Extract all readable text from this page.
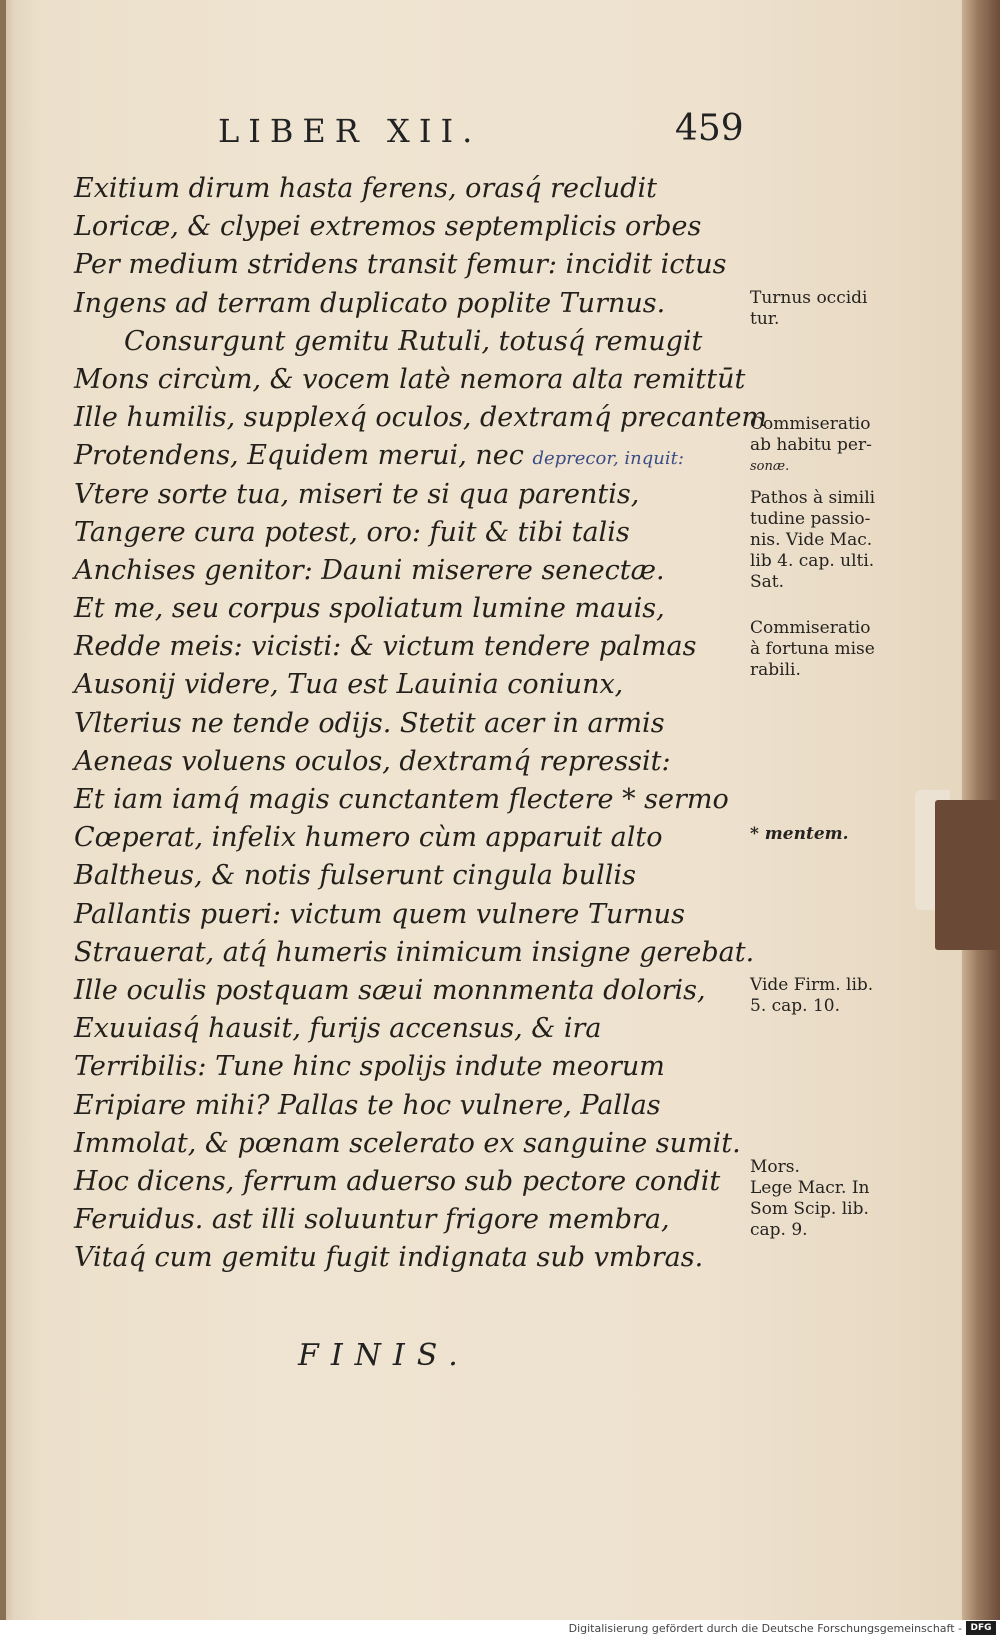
LIBER XII.	459
Exitium dirum hasta ferens, orasq́ recludit
Loricæ, & clypei extremos septemplicis orbes
Per medium stridens transit femur: incidit ictus
Ingens ad terram duplicato poplite Turnus.
Consurgunt gemitu Rutuli, totusq́ remugit
Mons circùm, & vocem latè nemora alta remittūt
Ille humilis, supplexq́ oculos, dextramq́ precantem
Protendens, Equidem merui, nec deprecor, inquit:
Vtere sorte tua, miseri te si qua parentis,
Tangere cura potest, oro: fuit & tibi talis
Anchises genitor: Dauni miserere senectæ.
Et me, seu corpus spoliatum lumine mauis,
Redde meis: vicisti: & victum tendere palmas
Ausonij videre, Tua est Lauinia coniunx,
Vlterius ne tende odijs. Stetit acer in armis
Aeneas voluens oculos, dextramq́ repressit:
Et iam iamq́ magis cunctantem flectere * sermo
Cœperat, infelix humero cùm apparuit alto
Baltheus, & notis fulserunt cingula bullis
Pallantis pueri: victum quem vulnere Turnus
Strauerat, atq́ humeris inimicum insigne gerebat.
Ille oculis postquam sæui monnmenta doloris,
Exuuiasq́ hausit, furijs accensus, & ira
Terribilis: Tune hinc spolijs indute meorum
Eripiare mihi? Pallas te hoc vulnere, Pallas
Immolat, & pœnam scelerato ex sanguine sumit.
Hoc dicens, ferrum aduerso sub pectore condit
Feruidus. ast illi soluuntur frigore membra,
Vitaq́ cum gemitu fugit indignata sub vmbras.
FINIS.
Turnus occidi
tur.
Commiseratio
ab habitu per-
sonæ.
Pathos à simili
tudine passio-
nis. Vide Mac.
lib 4. cap. ulti.
Sat.
Commiseratio
à fortuna mise
rabili.
* mentem.
Vide Firm. lib.
5. cap. 10.
Mors.
Lege Macr. In
Som Scip. lib.
cap. 9.
Digitalisierung gefördert durch die Deutsche Forschungsgemeinschaft - DFG
